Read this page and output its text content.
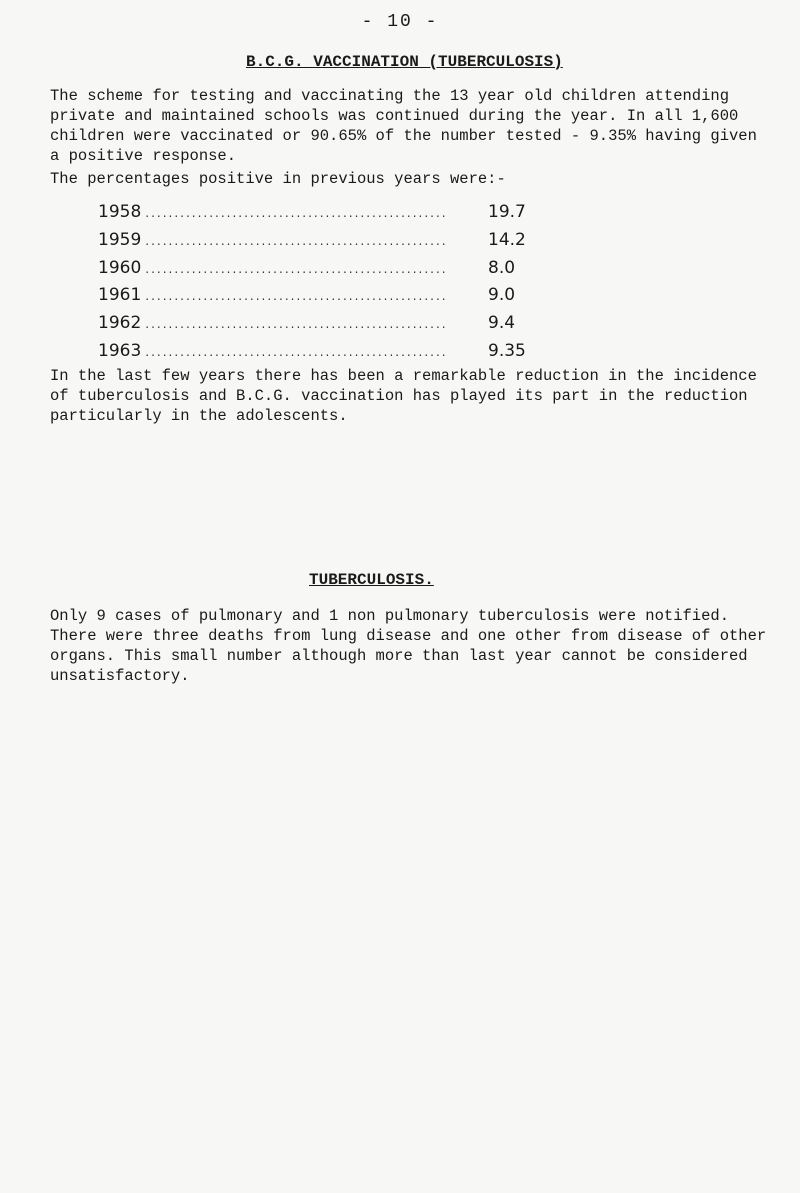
- 10 -
B.C.G. VACCINATION (TUBERCULOSIS)

The scheme for testing and vaccinating the 13 year old children attending private and maintained schools was continued during the year. In all 1,600 children were vaccinated or 90.65% of the number tested - 9.35% having given a positive response.

The percentages positive in previous years were:-

1958 ....................................................	19.7
1959 ....................................................	14.2
1960 ....................................................	8.0
1961 ....................................................	9.0
1962 ....................................................	9.4
1963 ....................................................	9.35

In the last few years there has been a remarkable reduction in the incidence of tuberculosis and B.C.G. vaccination has played its part in the reduction particularly in the adolescents.

TUBERCULOSIS.

Only 9 cases of pulmonary and 1 non pulmonary tuberculosis were notified. There were three deaths from lung disease and one other from disease of other organs. This small number although more than last year cannot be considered unsatisfactory.
